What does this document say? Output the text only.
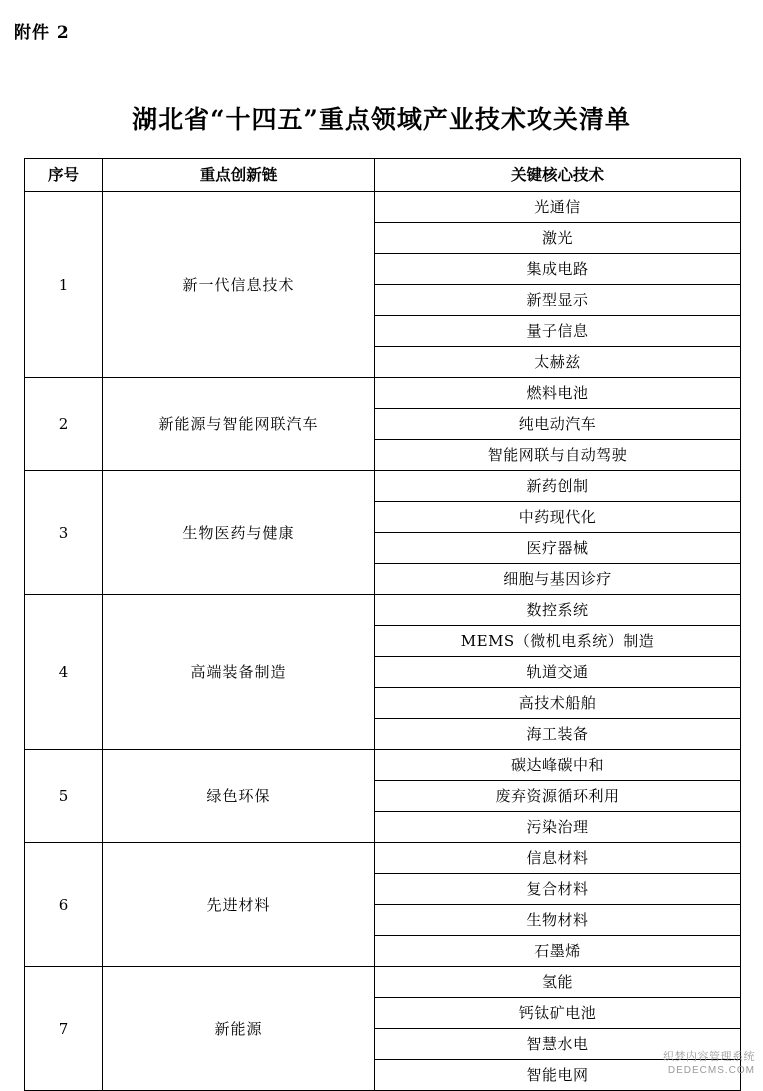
附件 2
湖北省“十四五”重点领域产业技术攻关清单
序号	重点创新链	关键核心技术
1	新一代信息技术	光通信
		激光
		集成电路
		新型显示
		量子信息
		太赫兹
2	新能源与智能网联汽车	燃料电池
		纯电动汽车
		智能网联与自动驾驶
3	生物医药与健康	新药创制
		中药现代化
		医疗器械
		细胞与基因诊疗
4	高端装备制造	数控系统
		MEMS（微机电系统）制造
		轨道交通
		高技术船舶
		海工装备
5	绿色环保	碳达峰碳中和
		废弃资源循环利用
		污染治理
6	先进材料	信息材料
		复合材料
		生物材料
		石墨烯
7	新能源	氢能
		钙钛矿电池
		智慧水电
		智能电网
织梦内容管理系统
DEDECMS.COM
